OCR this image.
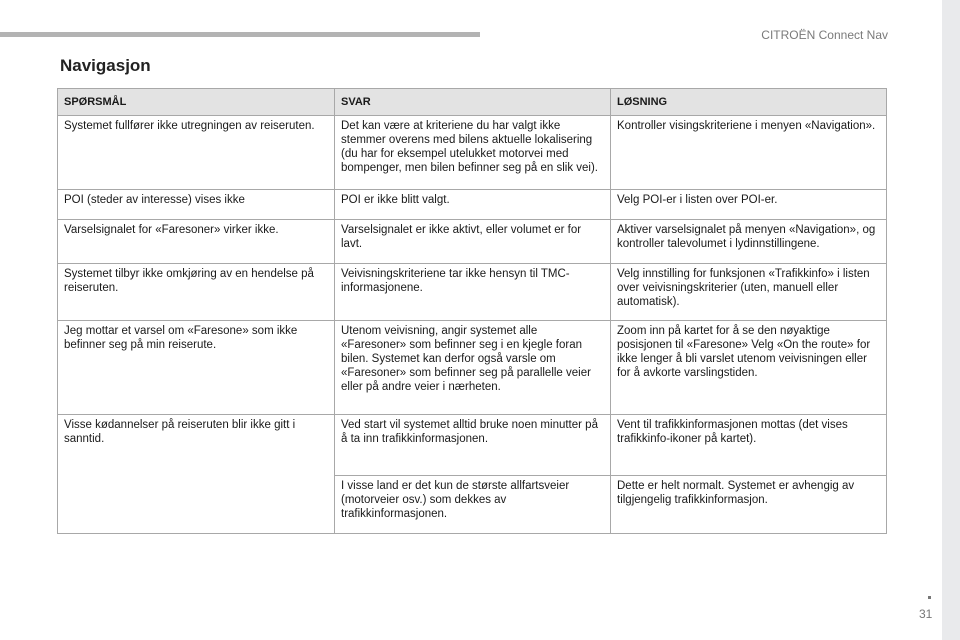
CITROËN Connect Nav
Navigasjon
SPØRSMÅL	SVAR	LØSNING
Systemet fullfører ikke utregningen av reiseruten.	Det kan være at kriteriene du har valgt ikke stemmer overens med bilens aktuelle lokalisering (du har for eksempel utelukket motorvei med bompenger, men bilen befinner seg på en slik vei).	Kontroller visingskriteriene i menyen «Navigation».
POI (steder av interesse) vises ikke	POI er ikke blitt valgt.	Velg POI-er i listen over POI-er.
Varselsignalet for «Faresoner» virker ikke.	Varselsignalet er ikke aktivt, eller volumet er for lavt.	Aktiver varselsignalet på menyen «Navigation», og kontroller talevolumet i lydinnstillingene.
Systemet tilbyr ikke omkjøring av en hendelse på reiseruten.	Veivisningskriteriene tar ikke hensyn til TMC-informasjonene.	Velg innstilling for funksjonen «Trafikkinfo» i listen over veivisningskriterier (uten, manuell eller automatisk).
Jeg mottar et varsel om «Faresone» som ikke befinner seg på min reiserute.	Utenom veivisning, angir systemet alle «Faresoner» som befinner seg i en kjegle foran bilen. Systemet kan derfor også varsle om «Faresoner» som befinner seg på parallelle veier eller på andre veier i nærheten.	Zoom inn på kartet for å se den nøyaktige posisjonen til «Faresone» Velg «On the route» for ikke lenger å bli varslet utenom veivisningen eller for å avkorte varslingstiden.
Visse kødannelser på reiseruten blir ikke gitt i sanntid.	Ved start vil systemet alltid bruke noen minutter på å ta inn trafikkinformasjonen.	Vent til trafikkinformasjonen mottas (det vises trafikkinfo-ikoner på kartet).
	I visse land er det kun de største allfartsveier (motorveier osv.) som dekkes av trafikkinformasjonen.	Dette er helt normalt. Systemet er avhengig av tilgjengelig trafikkinformasjon.
31
